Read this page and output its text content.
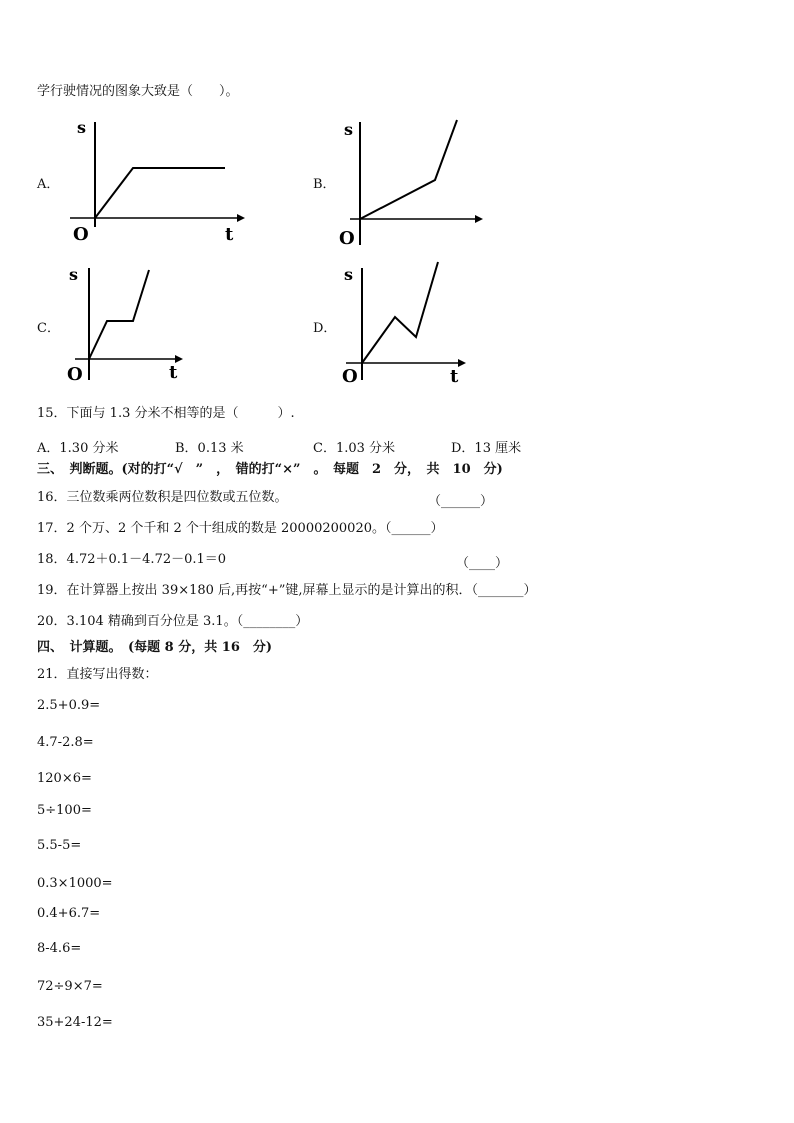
学行驶情况的图象大致是（　　）。
A．
s
O	t
B．
s
O
C．
s
O	t
D．
s
O	t
15．下面与 1.3 分米不相等的是（　　　）.
A．1.30 分米	B．0.13 米	C．1.03 分米	D．13 厘米
三、　判断题。(对的打“√　”　，　错的打“×”　。　每题　2　分，　共　10　分)
16．三位数乘两位数积是四位数或五位数。	（______）
17．2 个万、2 个千和 2 个十组成的数是 20000200020。（______）
18．4.72＋0.1－4.72－0.1＝0	（____）
19．在计算器上按出 39×180 后,再按“+”键,屏幕上显示的是计算出的积．（_______）
20．3.104 精确到百分位是 3.1。（________）
四、　计算题。　(每题 8 分，共 16　分)
21．直接写出得数：
2.5+0.9=
4.7-2.8=
120×6=
5÷100=
5.5-5=
0.3×1000=
0.4+6.7=
8-4.6=
72÷9×7=
35+24-12=
